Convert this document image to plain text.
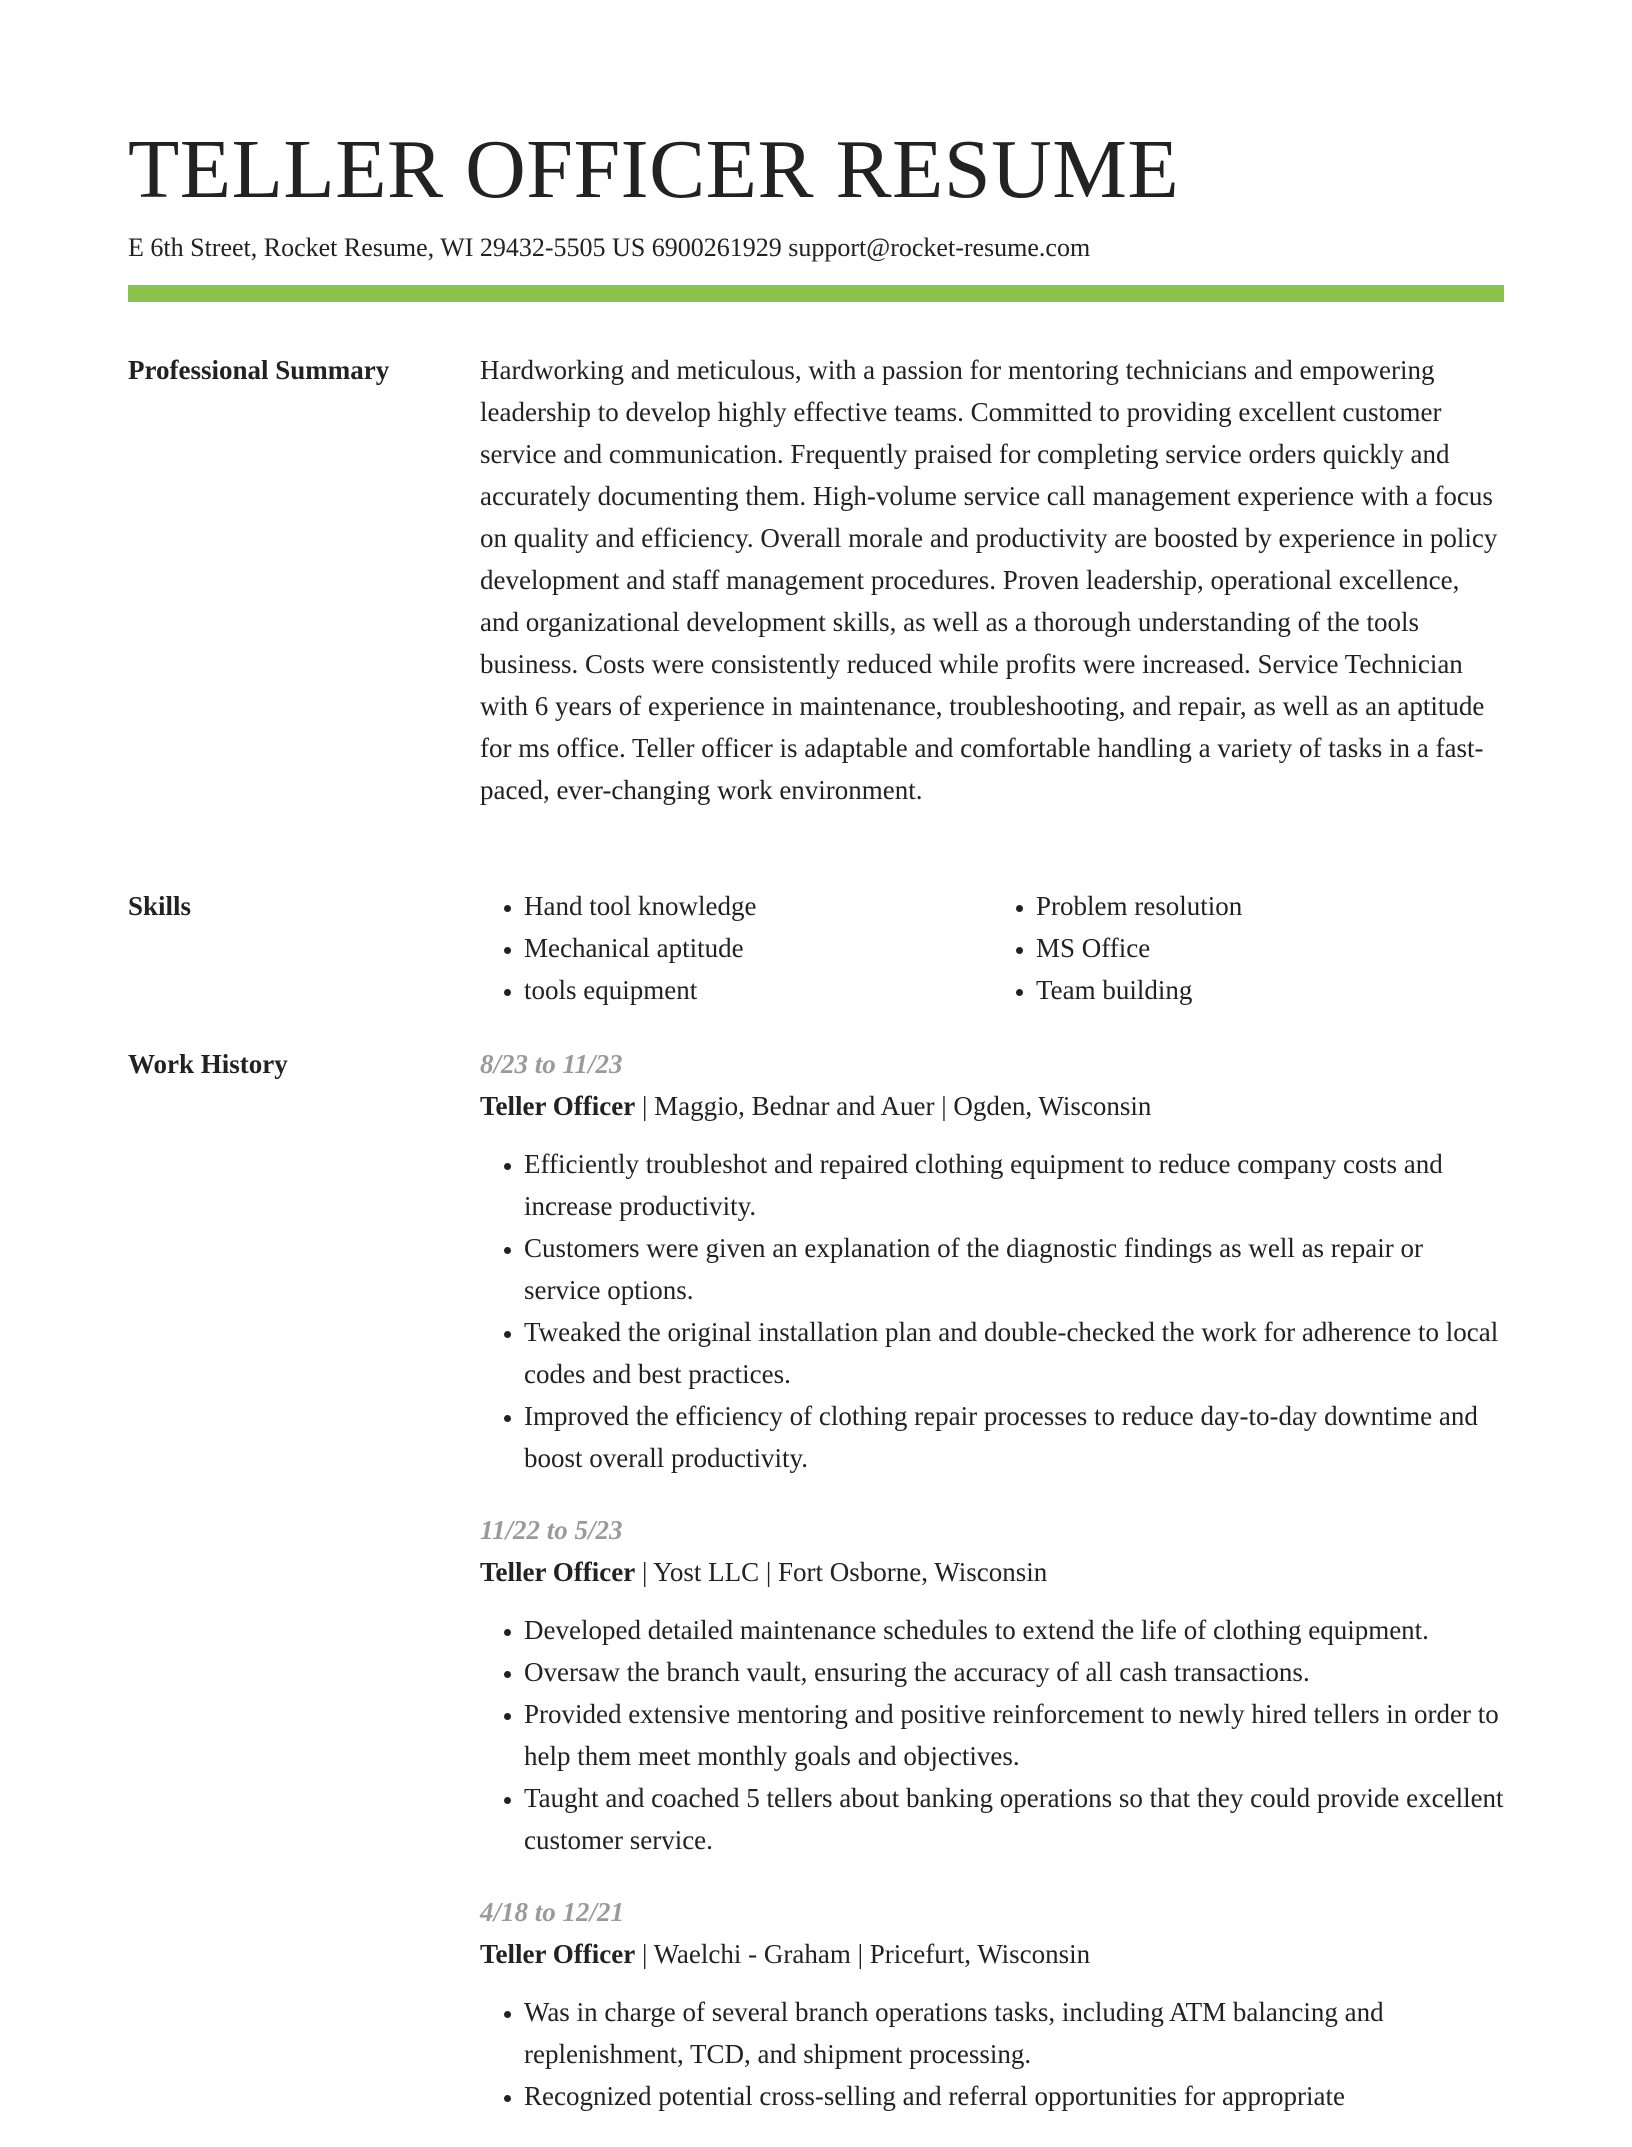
TELLER OFFICER RESUME
E 6th Street, Rocket Resume, WI 29432-5505 US 6900261929 support@rocket-resume.com
Professional Summary	Hardworking and meticulous, with a passion for mentoring technicians and empowering leadership to develop highly effective teams. Committed to providing excellent customer service and communication. Frequently praised for completing service orders quickly and accurately documenting them. High-volume service call management experience with a focus on quality and efficiency. Overall morale and productivity are boosted by experience in policy development and staff management procedures. Proven leadership, operational excellence, and organizational development skills, as well as a thorough understanding of the tools business. Costs were consistently reduced while profits were increased. Service Technician with 6 years of experience in maintenance, troubleshooting, and repair, as well as an aptitude for ms office. Teller officer is adaptable and comfortable handling a variety of tasks in a fast-paced, ever-changing work environment.

Skills
•	Hand tool knowledge
• Mechanical aptitude
• tools equipment
• Problem resolution
• MS Office
• Team building
Work History	8/23 to 11/23
Teller Officer | Maggio, Bednar and Auer | Ogden, Wisconsin
• Efficiently troubleshot and repaired clothing equipment to reduce company costs and increase productivity.
• Customers were given an explanation of the diagnostic findings as well as repair or service options.
• Tweaked the original installation plan and double-checked the work for adherence to local codes and best practices.
• Improved the efficiency of clothing repair processes to reduce day-to-day downtime and boost overall productivity.
11/22 to 5/23
Teller Officer | Yost LLC | Fort Osborne, Wisconsin
• Developed detailed maintenance schedules to extend the life of clothing equipment.
• Oversaw the branch vault, ensuring the accuracy of all cash transactions.
• Provided extensive mentoring and positive reinforcement to newly hired tellers in order to help them meet monthly goals and objectives.
• Taught and coached 5 tellers about banking operations so that they could provide excellent customer service.
4/18 to 12/21
Teller Officer | Waelchi - Graham | Pricefurt, Wisconsin
• Was in charge of several branch operations tasks, including ATM balancing and replenishment, TCD, and shipment processing.
• Recognized potential cross-selling and referral opportunities for appropriate
